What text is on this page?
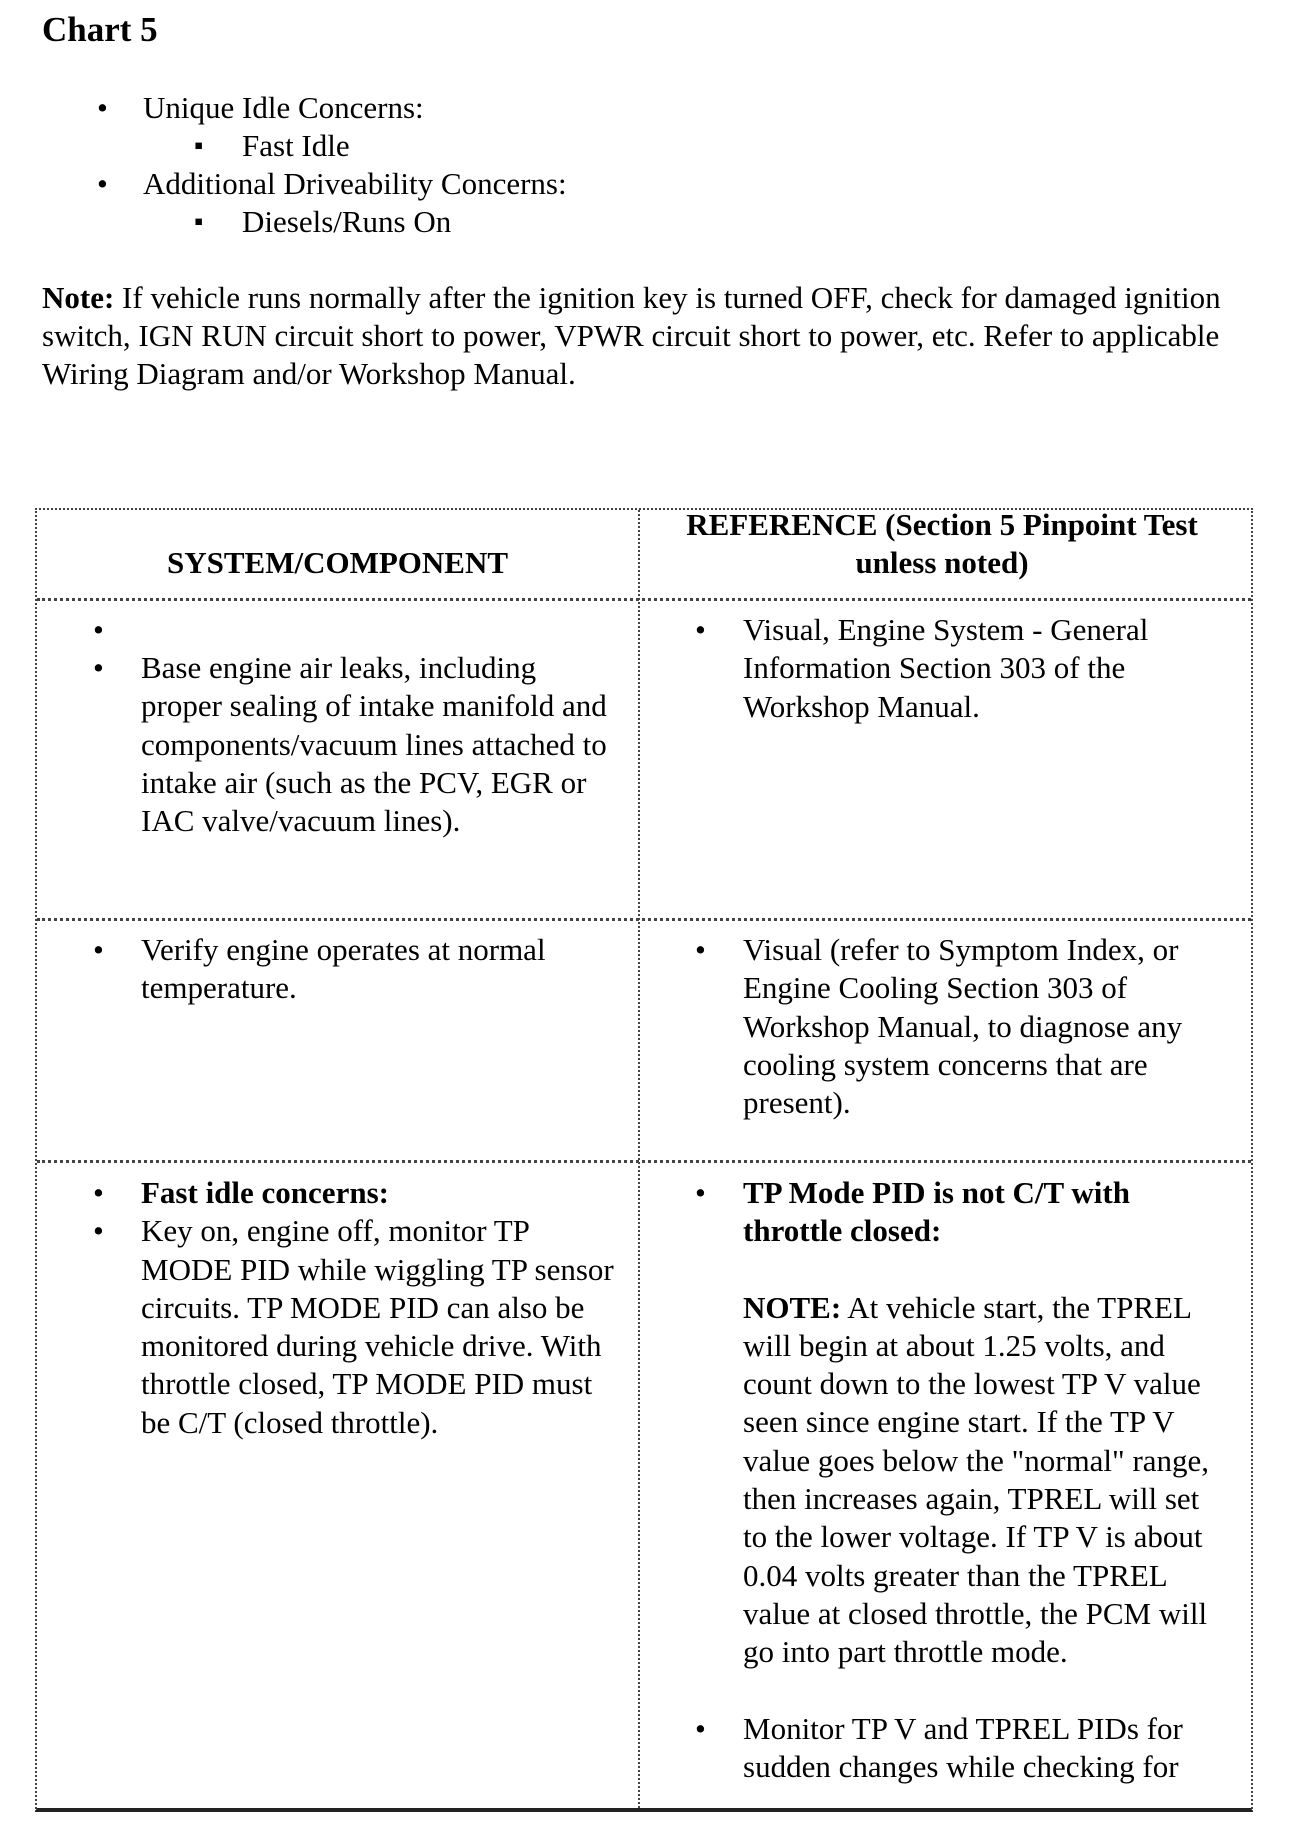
Chart 5
• Unique Idle Concerns:
▪ Fast Idle
• Additional Driveability Concerns:
▪ Diesels/Runs On
Note: If vehicle runs normally after the ignition key is turned OFF, check for damaged ignition switch, IGN RUN circuit short to power, VPWR circuit short to power, etc. Refer to applicable Wiring Diagram and/or Workshop Manual.
SYSTEM/COMPONENT
REFERENCE (Section 5 Pinpoint Test unless noted)
•
• Base engine air leaks, including proper sealing of intake manifold and components/vacuum lines attached to intake air (such as the PCV, EGR or IAC valve/vacuum lines).
• Visual, Engine System - General Information Section 303 of the Workshop Manual.
• Verify engine operates at normal temperature.
• Visual (refer to Symptom Index, or Engine Cooling Section 303 of Workshop Manual, to diagnose any cooling system concerns that are present).
• Fast idle concerns:
• Key on, engine off, monitor TP MODE PID while wiggling TP sensor circuits. TP MODE PID can also be monitored during vehicle drive. With throttle closed, TP MODE PID must be C/T (closed throttle).
• TP Mode PID is not C/T with throttle closed:
NOTE: At vehicle start, the TPREL will begin at about 1.25 volts, and count down to the lowest TP V value seen since engine start. If the TP V value goes below the "normal" range, then increases again, TPREL will set to the lower voltage. If TP V is about 0.04 volts greater than the TPREL value at closed throttle, the PCM will go into part throttle mode.
• Monitor TP V and TPREL PIDs for sudden changes while checking for
